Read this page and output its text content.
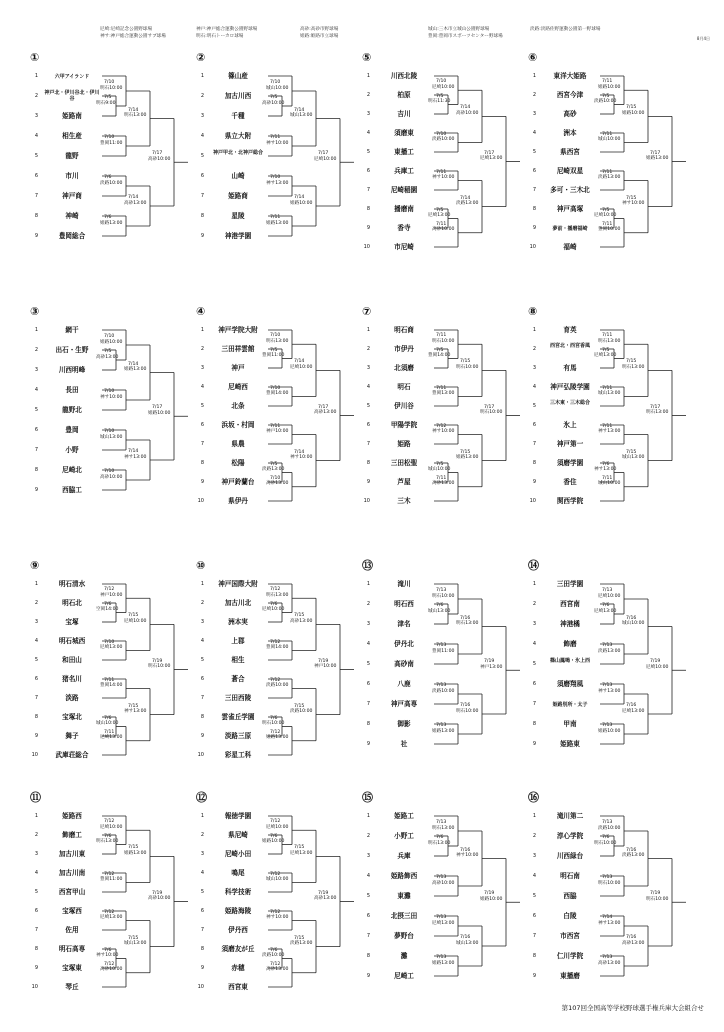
尼崎:尼崎記念公園野球場
神サ:神戸総合運動公園サブ球場
神戸:神戸総合運動公園野球場
明石:明石トーカロ球場
高砂:高砂市野球場
姫路:姫路市立球場
城山:三木市立城山公園野球場
豊岡:豊岡市スポーツセンター野球場
淡路:淡路佐野運動公園第一野球場
8月4日
①
1	六甲アイランド
2 神戸北・伊川谷北・伊川谷
3	姫路南
4	相生産
5	龍野
6	市川
7	神戸商
8	神崎
9	豊岡総合
7/5
明石9:00
7/10
明石10:00
7/10
豊岡11:00
7/6
淡路10:00
7/6
姫路13:00
7/14
明石13:00
7/14
高砂13:00
7/17
高砂10:00
②
1	篠山産
2	加古川西
3	千種
4	県立大附
5	神戸甲北・北神戸総合
6	山崎
7	姫路商
8	星陵
9	神港学園
7/5
高砂10:00
7/10
城山10:00
7/11
神サ10:00
7/10
神サ13:00
7/11
姫路13:00
7/14
城山13:00
7/14
姫路10:00
7/17
尼崎10:00
⑤
1	川西北陵
2	柏原
3	吉川
4	須磨東
5	東播工
6	兵庫工
7	尼崎稲園
8	播磨南
9	香寺
10	市尼崎
7/5
明石11:30
7/5
尼崎13:00
7/10
尼崎10:00
7/10
淡路10:00
7/11
神サ10:00
7/11
高砂10:00
7/14
高砂10:00
7/14
淡路13:00
7/17
尼崎13:00
⑥
1	東洋大姫路
2	西宮今津
3	高砂
4	洲本
5	県西宮
6	尼崎双星
7	多可・三木北
8	神戸高塚
9	夢前・播磨福崎
10	福崎
7/5
淡路10:00
7/5
尼崎10:00
7/11
姫路10:00
7/11
城山10:00
7/11
淡路13:00
7/11
豊岡10:00
7/15
姫路10:00
7/15
神サ10:00
7/17
姫路13:00
③
1	網干
2	出石・生野
3	川西明峰
4	長田
5	龍野北
6	豊岡
7	小野
8	尼崎北
9	西脇工
7/5
高砂13:00
7/10
姫路10:00
7/10
神サ10:00
7/10
城山13:00
7/10
高砂10:00
7/14
姫路13:00
7/14
神サ13:00
7/17
姫路10:00
④
1	神戸学院大附
2	三田祥雲館
3	神戸
4	尼崎西
5	北条
6	浜坂・村岡
7	県農
8	松陽
9	神戸鈴蘭台
10	県伊丹
7/5
豊岡11:00
7/5
淡路13:00
7/10
明石13:00
7/10
豊岡14:00
7/11
神戸10:00
7/10
高砂13:00
7/14
尼崎10:00
7/14
神サ10:00
7/17
高砂13:00
⑦
1	明石商
2	市伊丹
3	北須磨
4	明石
5	伊川谷
6	甲陽学院
7	姫路
8	三田松聖
9	芦屋
10	三木
7/5
豊岡14:00
7/5
城山10:00
7/11
明石10:00
7/11
豊岡13:00
7/12
神サ10:00
7/11
高砂13:00
7/15
明石10:00
7/15
姫路13:00
7/17
明石10:00
⑧
1	育英
2	西宮北・西宮香風
3	有馬
4	神戸弘陵学園
5	三木東・三木総合
6	氷上
7	神戸第一
8	須磨学園
9	香住
10	関西学院
7/5
尼崎13:00
7/6
神サ13:00
7/11
明石13:00
7/11
城山13:00
7/11
神サ13:00
7/11
城山10:00
7/15
明石13:00
7/15
城山13:00
7/17
明石13:00
⑨
1	明石清水
2	明石北
3	宝塚
4	明石城西
5	和田山
6	猪名川
7	淡路
8	宝塚北
9	舞子
10	武庫荘総合
7/6
空岡14:00
7/6
城山10:00
7/12
神戸10:00
7/10
尼崎13:00
7/11
豊岡14:00
7/11
尼崎13:00
7/15
尼崎10:00
7/15
神サ13:00
7/19
明石10:00
⑩
1	神戸国際大附
2	加古川北
3	洲本実
4	上郡
5	相生
6	蒼合
7	三田西陵
8	雲雀丘学園
9	淡路三原
10	彩星工科
7/6
尼崎10:00
7/6
明石10:00
7/12
明石13:00
7/12
豊岡14:00
7/12
淡路10:00
7/12
姫路13:00
7/15
高砂13:00
7/15
淡路10:00
7/19
神戸10:00
⑬
1	滝川
2	明石西
3	津名
4	伊丹北
5	高砂南
6	八鹿
7	神戸高専
8	御影
9	社
7/6
城山13:00
7/13
明石10:00
7/13
豊岡11:00
7/13
淡路10:00
7/13
姫路13:00
7/16
明石13:00
7/16
明石10:00
7/19
神戸13:00
⑭
1	三田学園
2	西宮南
3	神港橘
4	飾磨
5	篠山鳳鳴・氷上西
6	須磨翔風
7	姫路別所・太子
8	甲南
9	姫路東
7/6
尼崎13:00
7/13
尼崎10:00
7/13
淡路13:00
7/13
神サ13:00
7/13
姫路10:00
7/16
城山10:00
7/16
尼崎13:00
7/19
尼崎10:00
⑪
1	姫路西
2	飾磨工
3	加古川東
4	加古川南
5	西宮甲山
6	宝塚西
7	佐用
8	明石高専
9	宝塚東
10	琴丘
7/6
明石13:00
7/6
神サ10:00
7/12
尼崎10:00
7/12
豊岡11:00
7/12
尼崎13:00
7/12
高砂10:00
7/15
姫路13:00
7/15
城山13:00
7/19
高砂10:00
⑫
1	報徳学園
2	県尼崎
3	尼崎小田
4	鳴尾
5	科学技術
6	姫路海陵
7	伊丹西
8	須磨友が丘
9	赤穂
10	西宮東
7/6
姫路10:00
7/6
淡路10:00
7/12
尼崎10:00
7/12
城山10:00
7/12
神サ10:00
7/12
高砂13:00
7/15
尼崎13:00
7/15
淡路13:00
7/19
高砂13:00
⑮
1	姫路工
2	小野工
3	兵庫
4	姫路飾西
5	東灘
6	北摂三田
7	夢野台
8	灘
9	尼崎工
7/6
明石13:00
7/13
明石13:00
7/13
高砂10:00
7/13
尼崎13:00
7/13
姫路13:00
7/16
神サ10:00
7/16
城山13:00
7/19
姫路10:00
⑯
1	滝川第二
2	淳心学院
3	川西緑台
4	明石南
5	西脇
6	白陵
7	市西宮
8	仁川学院
9	東播磨
7/6
明石10:00
7/13
淡路10:00
7/13
明石10:00
7/14
神サ13:00
7/13
高砂13:00
7/16
淡路13:00
7/16
高砂13:00
7/19
明石10:00
第107回全国高等学校野球選手権兵庫大会組合せ
